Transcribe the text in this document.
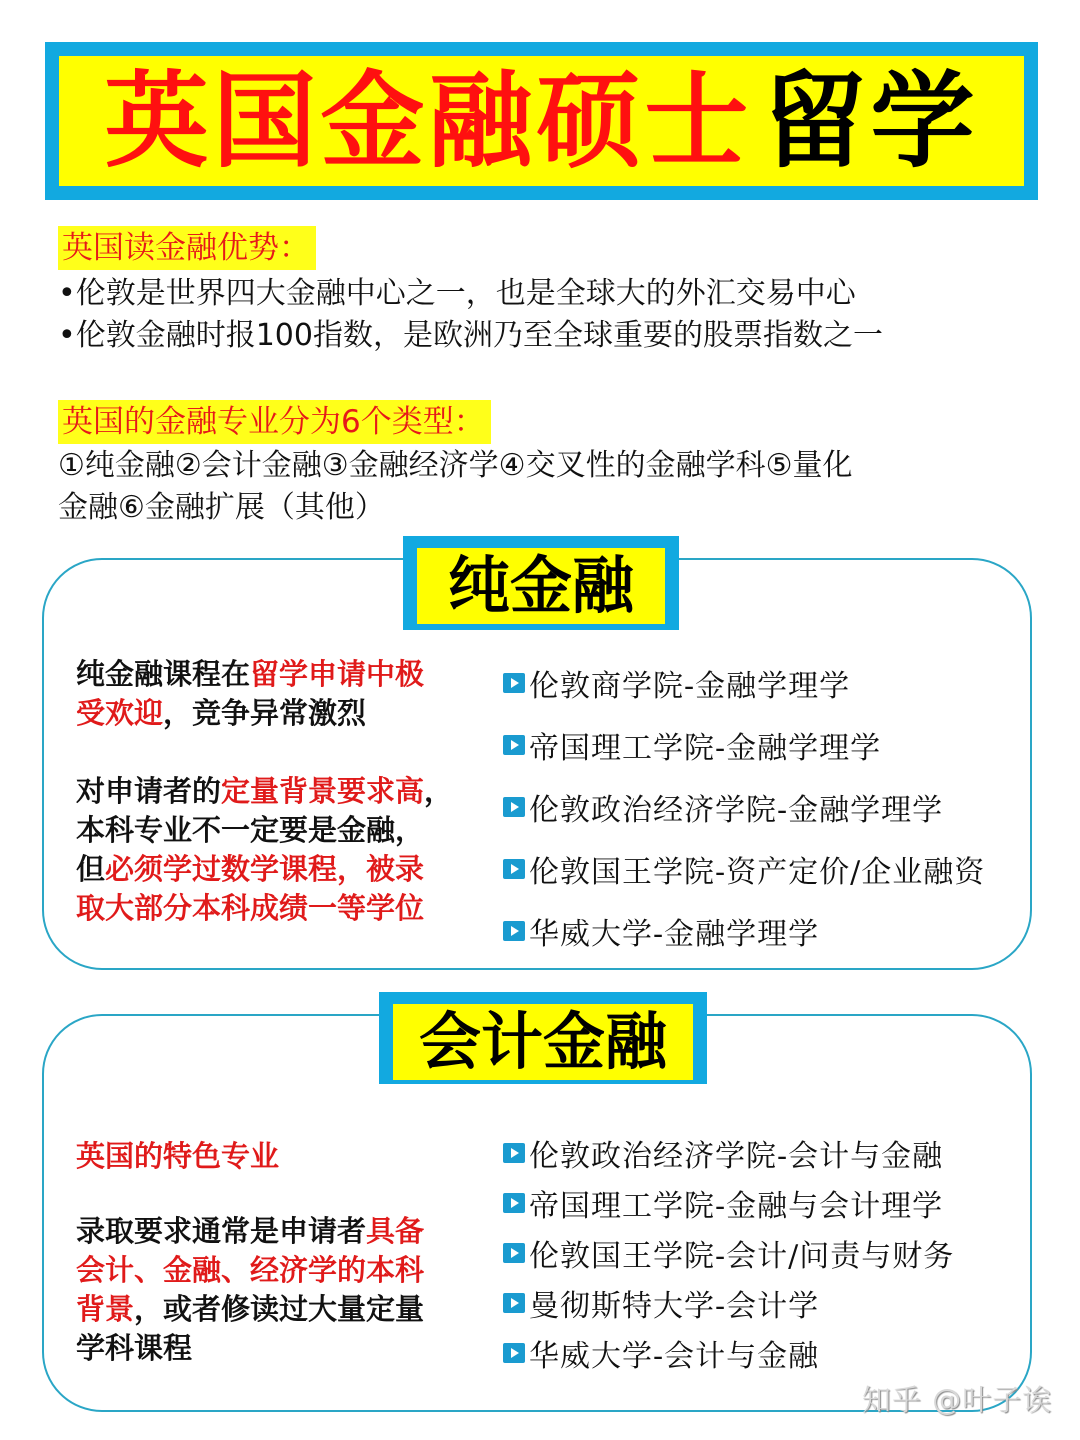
英国金融硕士 留学
英国读金融优势：
•伦敦是世界四大金融中心之一，也是全球大的外汇交易中心
•伦敦金融时报100指数，是欧洲乃至全球重要的股票指数之一
英国的金融专业分为6个类型：
①纯金融②会计金融③金融经济学④交叉性的金融学科⑤量化
金融⑥金融扩展（其他）
纯金融

纯金融课程在留学申请中极

受欢迎，竞争异常激烈

对申请者的定量背景要求高，

本科专业不一定要是金融，

但必须学过数学课程，被录

取大部分本科成绩一等学位

伦敦商学院-金融学理学
帝国理工学院-金融学理学
伦敦政治经济学院-金融学理学
伦敦国王学院-资产定价/企业融资
华威大学-金融学理学
会计金融

英国的特色专业

录取要求通常是申请者具备

会计、金融、经济学的本科

背景，或者修读过大量定量

学科课程

伦敦政治经济学院-会计与金融
帝国理工学院-金融与会计理学
伦敦国王学院-会计/问责与财务
曼彻斯特大学-会计学
华威大学-会计与金融
知乎 @叶子诶
